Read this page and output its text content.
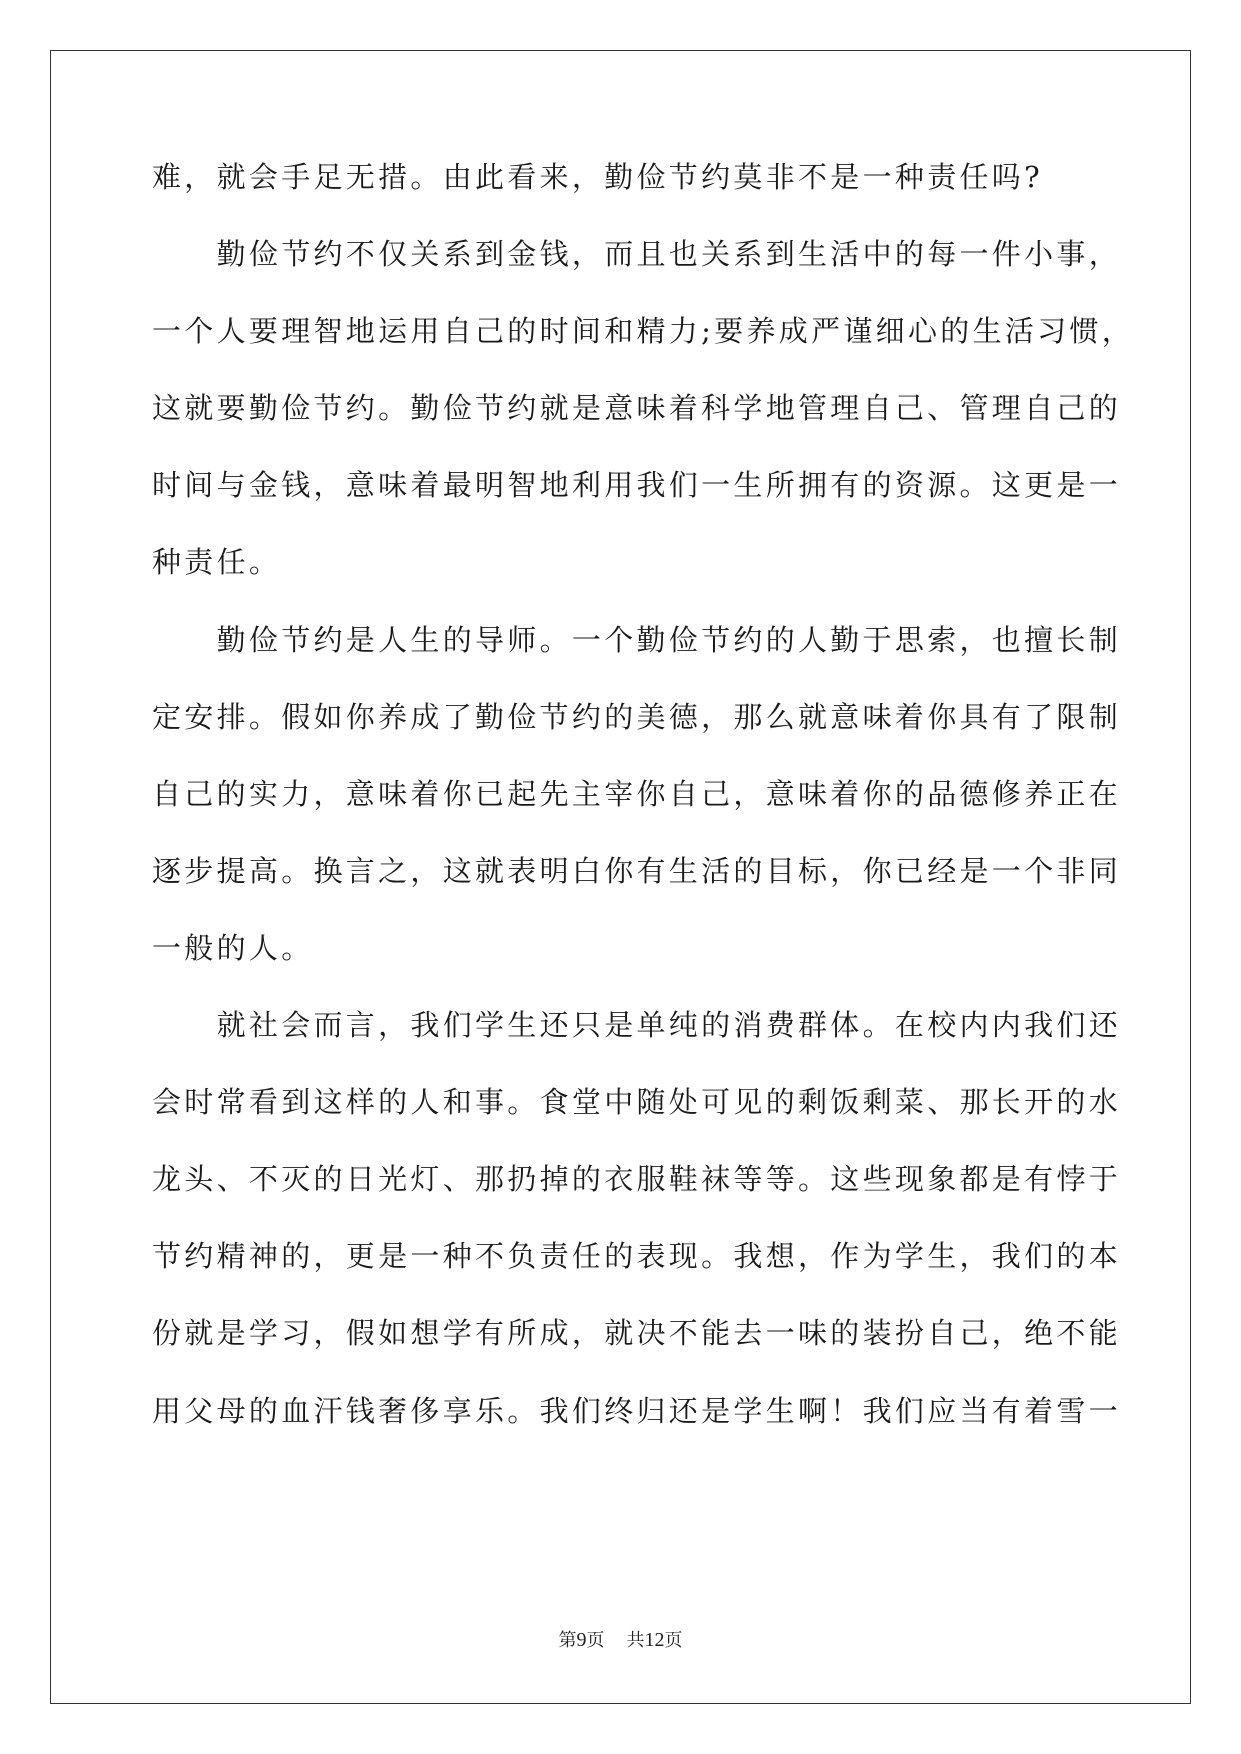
难，就会手足无措。由此看来，勤俭节约莫非不是一种责任吗?
　　勤俭节约不仅关系到金钱，而且也关系到生活中的每一件小事，
一个人要理智地运用自己的时间和精力;要养成严谨细心的生活习惯，
这就要勤俭节约。勤俭节约就是意味着科学地管理自己、管理自己的
时间与金钱，意味着最明智地利用我们一生所拥有的资源。这更是一
种责任。
　　勤俭节约是人生的导师。一个勤俭节约的人勤于思索，也擅长制
定安排。假如你养成了勤俭节约的美德，那么就意味着你具有了限制
自己的实力，意味着你已起先主宰你自己，意味着你的品德修养正在
逐步提高。换言之，这就表明白你有生活的目标，你已经是一个非同
一般的人。
　　就社会而言，我们学生还只是单纯的消费群体。在校内内我们还
会时常看到这样的人和事。食堂中随处可见的剩饭剩菜、那长开的水
龙头、不灭的日光灯、那扔掉的衣服鞋袜等等。这些现象都是有悖于
节约精神的，更是一种不负责任的表现。我想，作为学生，我们的本
份就是学习，假如想学有所成，就决不能去一味的装扮自己，绝不能
用父母的血汗钱奢侈享乐。我们终归还是学生啊！我们应当有着雪一
第9页 共12页
